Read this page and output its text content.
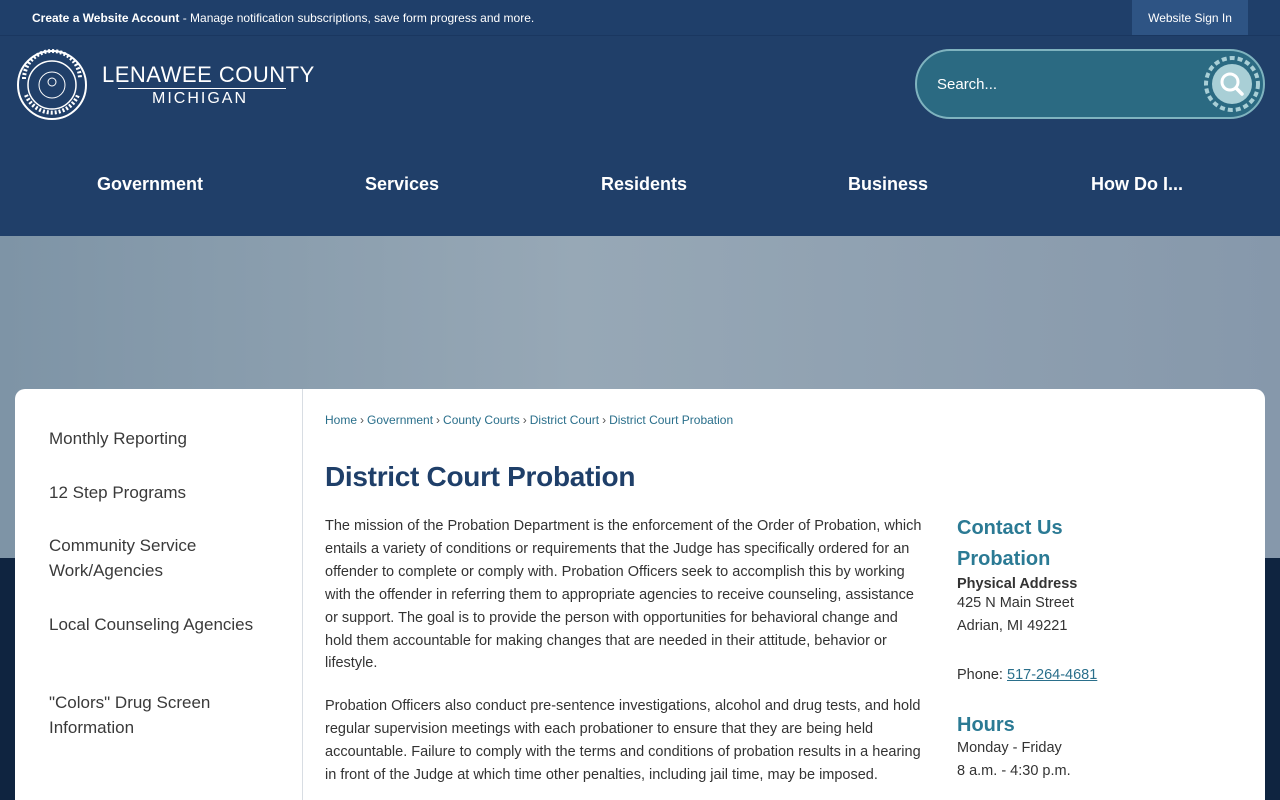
Create a Website Account - Manage notification subscriptions, save form progress and more.	Website Sign In
LENAWEE COUNTY
MICHIGAN
Search...
Government	Services	Residents	Business	How Do I...
Monthly Reporting
12 Step Programs
Community Service Work/Agencies
Local Counseling Agencies
"Colors" Drug Screen Information
Home › Government › County Courts › District Court › District Court Probation
District Court Probation

The mission of the Probation Department is the enforcement of the Order of Probation, which entails a variety of conditions or requirements that the Judge has specifically ordered for an offender to complete or comply with. Probation Officers seek to accomplish this by working with the offender in referring them to appropriate agencies to receive counseling, assistance or support. The goal is to provide the person with opportunities for behavioral change and hold them accountable for making changes that are needed in their attitude, behavior or lifestyle.

Probation Officers also conduct pre-sentence investigations, alcohol and drug tests, and hold regular supervision meetings with each probationer to ensure that they are being held accountable. Failure to comply with the terms and conditions of probation results in a hearing in front of the Judge at which time other penalties, including jail time, may be imposed.

Contact Us
Probation
Physical Address
425 N Main Street
Adrian, MI 49221
Phone: 517-264-4681
Hours
Monday - Friday
8 a.m. - 4:30 p.m.
